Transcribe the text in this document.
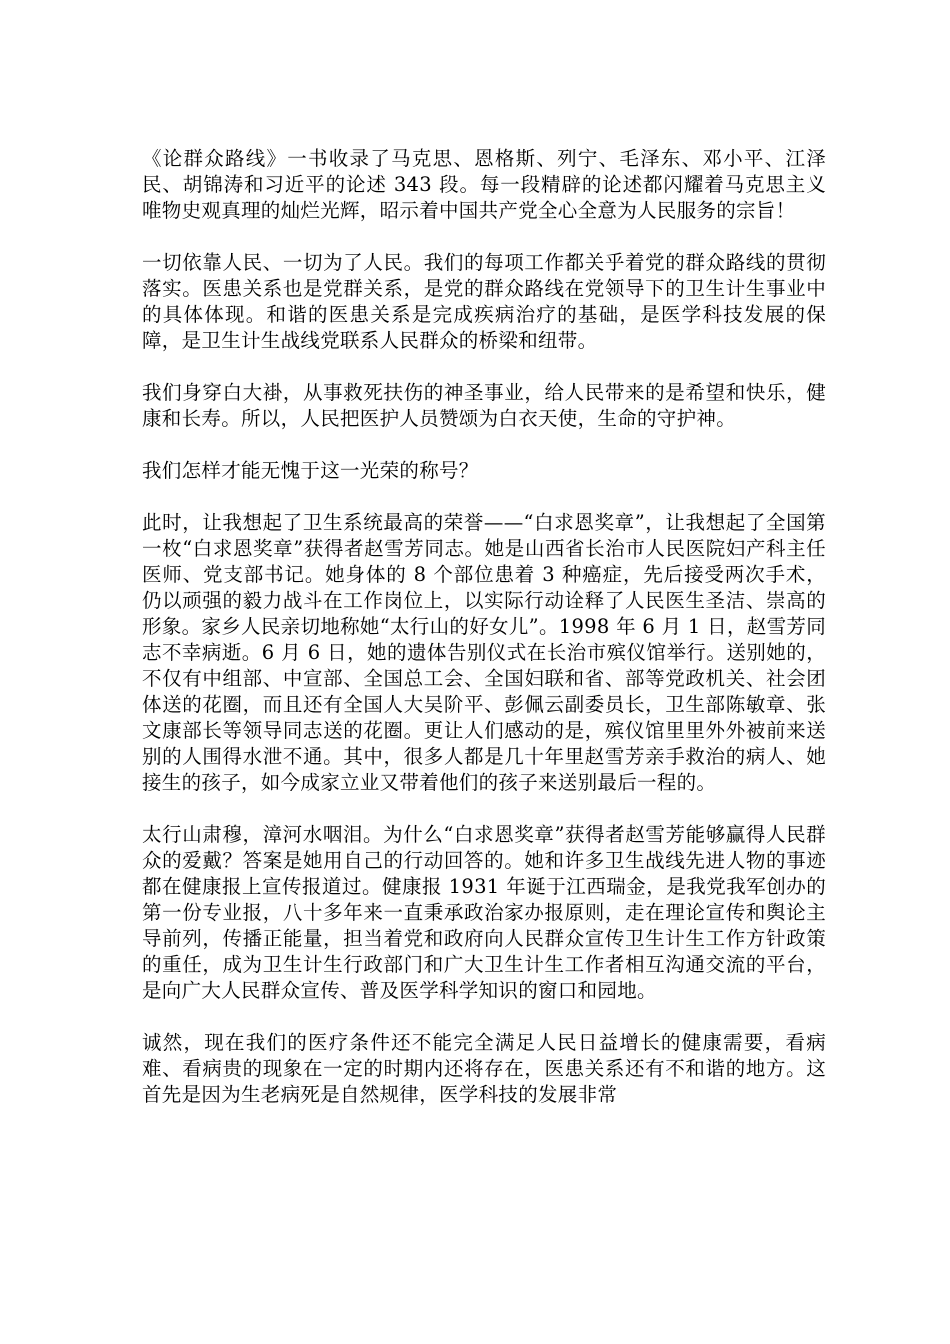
《论群众路线》一书收录了马克思、恩格斯、列宁、毛泽东、邓小平、江泽民、胡锦涛和习近平的论述 343 段。每一段精辟的论述都闪耀着马克思主义唯物史观真理的灿烂光辉，昭示着中国共产党全心全意为人民服务的宗旨！

一切依靠人民、一切为了人民。我们的每项工作都关乎着党的群众路线的贯彻落实。医患关系也是党群关系，是党的群众路线在党领导下的卫生计生事业中的具体体现。和谐的医患关系是完成疾病治疗的基础，是医学科技发展的保障，是卫生计生战线党联系人民群众的桥梁和纽带。

我们身穿白大褂，从事救死扶伤的神圣事业，给人民带来的是希望和快乐，健康和长寿。所以，人民把医护人员赞颂为白衣天使，生命的守护神。

我们怎样才能无愧于这一光荣的称号？

此时，让我想起了卫生系统最高的荣誉——“白求恩奖章”，让我想起了全国第一枚“白求恩奖章”获得者赵雪芳同志。她是山西省长治市人民医院妇产科主任医师、党支部书记。她身体的 8 个部位患着 3 种癌症，先后接受两次手术，仍以顽强的毅力战斗在工作岗位上，以实际行动诠释了人民医生圣洁、崇高的形象。家乡人民亲切地称她“太行山的好女儿”。1998 年 6 月 1 日，赵雪芳同志不幸病逝。6 月 6 日，她的遗体告别仪式在长治市殡仪馆举行。送别她的，不仅有中组部、中宣部、全国总工会、全国妇联和省、部等党政机关、社会团体送的花圈，而且还有全国人大吴阶平、彭佩云副委员长，卫生部陈敏章、张文康部长等领导同志送的花圈。更让人们感动的是，殡仪馆里里外外被前来送别的人围得水泄不通。其中，很多人都是几十年里赵雪芳亲手救治的病人、她接生的孩子，如今成家立业又带着他们的孩子来送别最后一程的。

太行山肃穆，漳河水咽泪。为什么“白求恩奖章”获得者赵雪芳能够赢得人民群众的爱戴？答案是她用自己的行动回答的。她和许多卫生战线先进人物的事迹都在健康报上宣传报道过。健康报 1931 年诞于江西瑞金，是我党我军创办的第一份专业报，八十多年来一直秉承政治家办报原则，走在理论宣传和舆论主导前列，传播正能量，担当着党和政府向人民群众宣传卫生计生工作方针政策的重任，成为卫生计生行政部门和广大卫生计生工作者相互沟通交流的平台，是向广大人民群众宣传、普及医学科学知识的窗口和园地。

诚然，现在我们的医疗条件还不能完全满足人民日益增长的健康需要，看病难、看病贵的现象在一定的时期内还将存在，医患关系还有不和谐的地方。这首先是因为生老病死是自然规律，医学科技的发展非常
